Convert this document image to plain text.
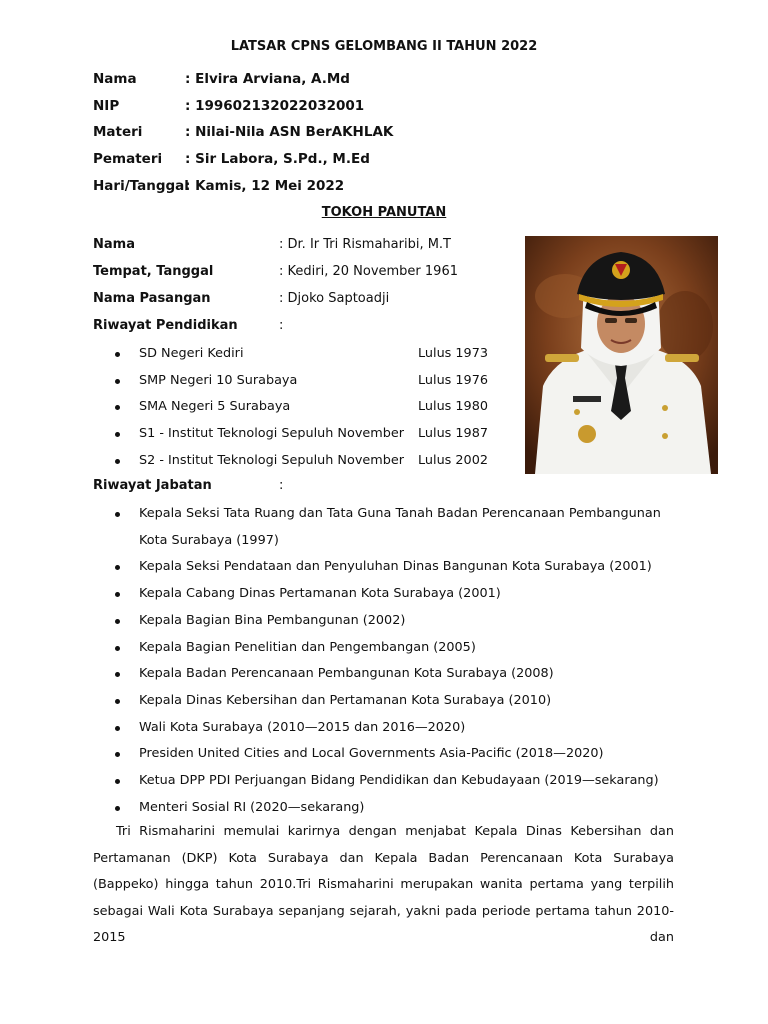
LATSAR CPNS GELOMBANG II TAHUN 2022
Nama	: Elvira Arviana, A.Md
NIP	: 199602132022032001
Materi	: Nilai-Nila ASN BerAKHLAK
Pemateri : Sir Labora, S.Pd., M.Ed
Hari/Tanggal
: Kamis, 12 Mei 2022
TOKOH PANUTAN
Nama	: Dr. Ir Tri Rismaharibi, M.T
Tempat, Tanggal	: Kediri, 20 November 1961
Nama Pasangan	: Djoko Saptoadji
Riwayat Pendidikan	:
SD Negeri Kediri	Lulus 1973
SMP Negeri 10 Surabaya	Lulus 1976
SMA Negeri 5 Surabaya	Lulus 1980
S1 - Institut Teknologi Sepuluh November Lulus 1987
S2 - Institut Teknologi Sepuluh November Lulus 2002
Riwayat Jabatan	:
Kepala Seksi Tata Ruang dan Tata Guna Tanah Badan Perencanaan Pembangunan
Kota Surabaya (1997)
Kepala Seksi Pendataan dan Penyuluhan Dinas Bangunan Kota Surabaya (2001)
Kepala Cabang Dinas Pertamanan Kota Surabaya (2001)
Kepala Bagian Bina Pembangunan (2002)
Kepala Bagian Penelitian dan Pengembangan (2005)
Kepala Badan Perencanaan Pembangunan Kota Surabaya (2008)
Kepala Dinas Kebersihan dan Pertamanan Kota Surabaya (2010)
Wali Kota Surabaya (2010—2015 dan 2016—2020)
Presiden United Cities and Local Governments Asia-Pacific (2018—2020)
Ketua DPP PDI Perjuangan Bidang Pendidikan dan Kebudayaan (2019—sekarang)
Menteri Sosial RI (2020—sekarang)

Tri Rismaharini memulai karirnya dengan menjabat Kepala Dinas Kebersihan dan Pertamanan (DKP) Kota Surabaya dan Kepala Badan Perencanaan Kota Surabaya (Bappeko) hingga tahun 2010.Tri Rismaharini merupakan wanita pertama yang terpilih sebagai Wali Kota Surabaya sepanjang sejarah, yakni pada periode pertama tahun 2010-2015 dan
